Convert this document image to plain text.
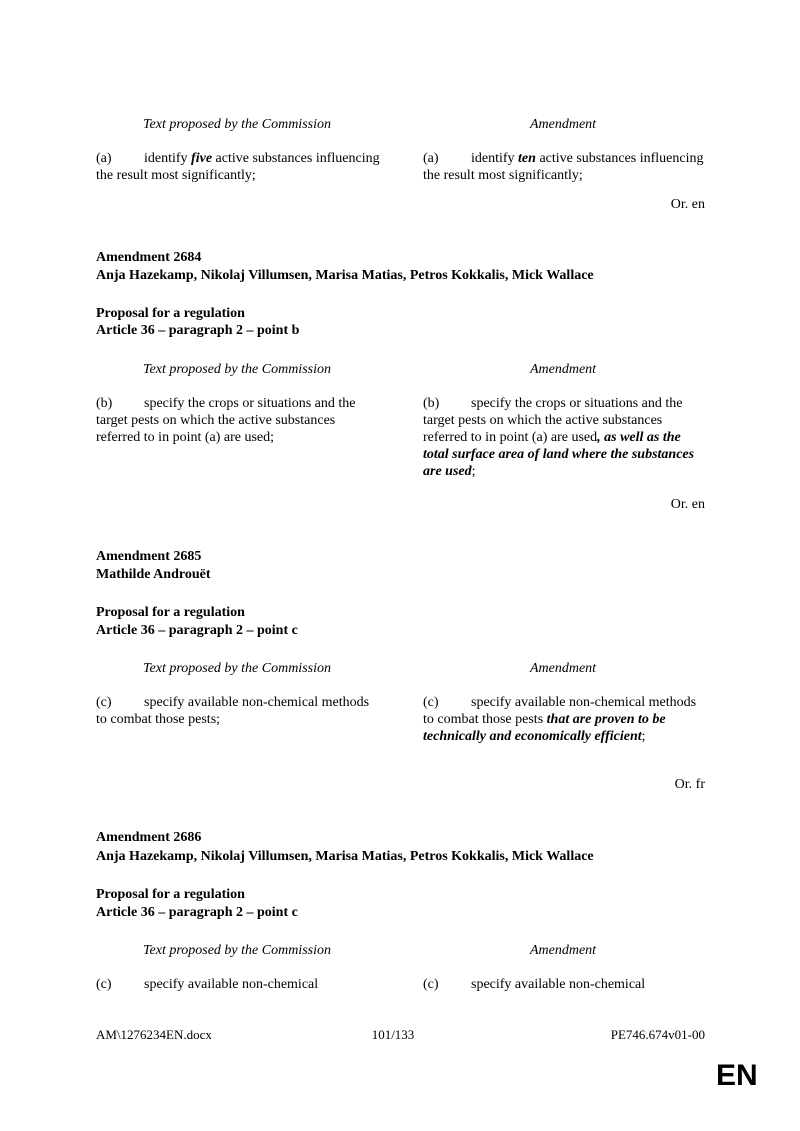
Text proposed by the Commission	Amendment
(a) identify five active substances influencing the result most significantly;
(a) identify ten active substances influencing the result most significantly;
Or. en
Amendment 2684
Anja Hazekamp, Nikolaj Villumsen, Marisa Matias, Petros Kokkalis, Mick Wallace
Proposal for a regulation
Article 36 – paragraph 2 – point b
Text proposed by the Commission	Amendment
(b) specify the crops or situations and the target pests on which the active substances referred to in point (a) are used;
(b) specify the crops or situations and the target pests on which the active substances referred to in point (a) are used, as well as the total surface area of land where the substances are used;
Or. en
Amendment 2685
Mathilde Androuët
Proposal for a regulation
Article 36 – paragraph 2 – point c
Text proposed by the Commission	Amendment
(c) specify available non-chemical methods to combat those pests;
(c) specify available non-chemical methods to combat those pests that are proven to be technically and economically efficient;
Or. fr
Amendment 2686
Anja Hazekamp, Nikolaj Villumsen, Marisa Matias, Petros Kokkalis, Mick Wallace
Proposal for a regulation
Article 36 – paragraph 2 – point c
Text proposed by the Commission	Amendment
(c) specify available non-chemical	(c) specify available non-chemical
AM\1276234EN.docx	101/133	PE746.674v01-00
EN
